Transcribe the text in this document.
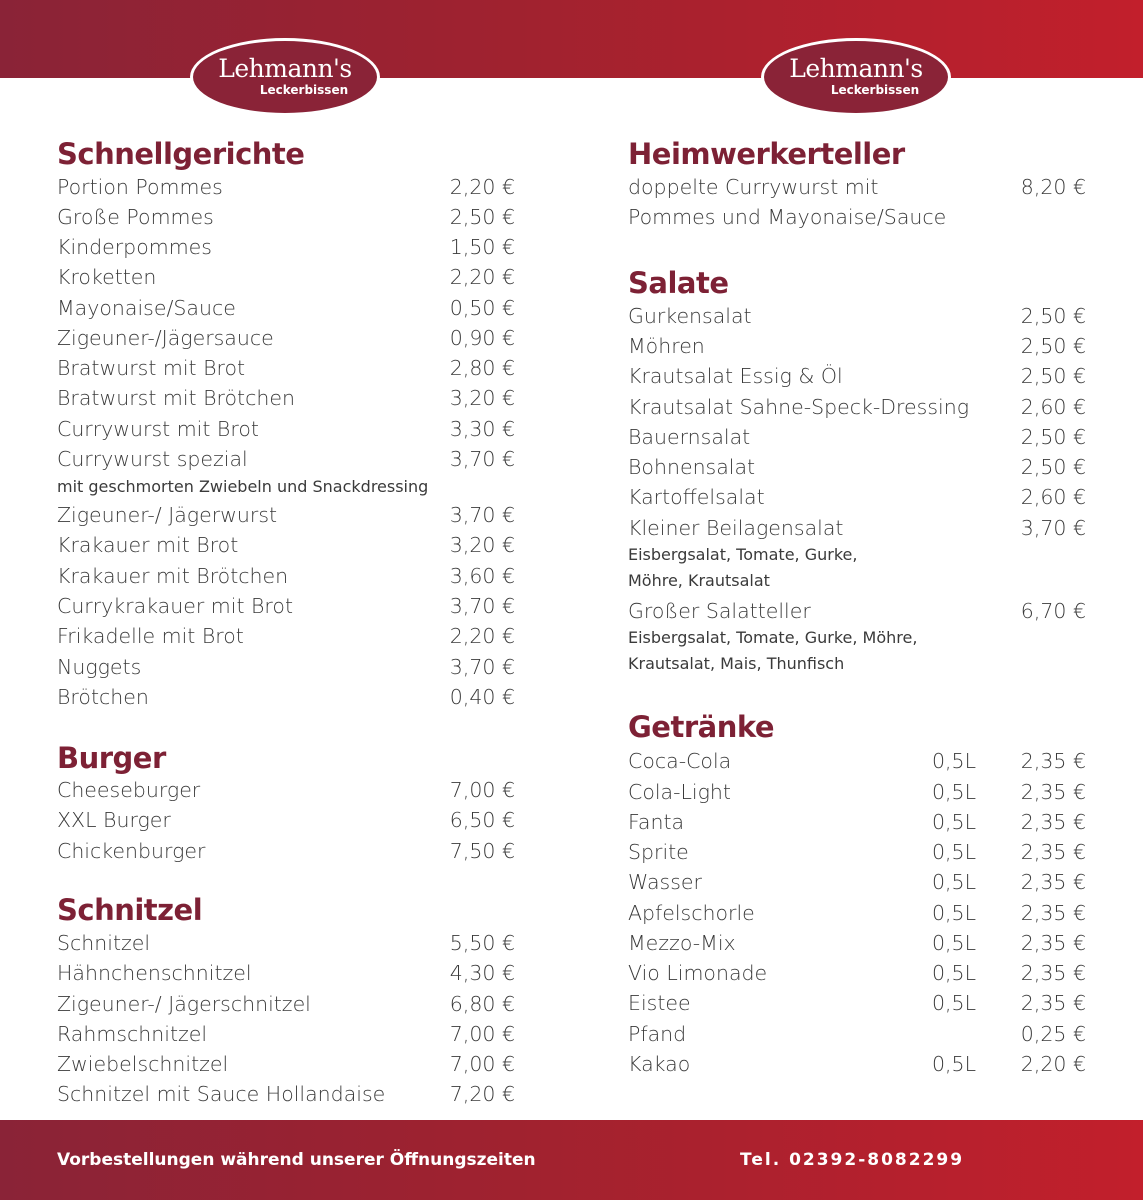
Lehmann's
Leckerbissen
Lehmann's
Leckerbissen
Schnellgerichte
Portion Pommes	2,20 €
Große Pommes	2,50 €
Kinderpommes	1,50 €
Kroketten	2,20 €
Mayonaise/Sauce	0,50 €
Zigeuner-/Jägersauce	0,90 €
Bratwurst mit Brot	2,80 €
Bratwurst mit Brötchen	3,20 €
Currywurst mit Brot	3,30 €
Currywurst spezial	3,70 €
mit geschmorten Zwiebeln und Snackdressing
Zigeuner-/ Jägerwurst	3,70 €
Krakauer mit Brot	3,20 €
Krakauer mit Brötchen	3,60 €
Currykrakauer mit Brot	3,70 €
Frikadelle mit Brot	2,20 €
Nuggets	3,70 €
Brötchen	0,40 €
Burger
Cheeseburger	7,00 €
XXL Burger	6,50 €
Chickenburger	7,50 €
Schnitzel
Schnitzel	5,50 €
Hähnchenschnitzel	4,30 €
Zigeuner-/ Jägerschnitzel	6,80 €
Rahmschnitzel	7,00 €
Zwiebelschnitzel	7,00 €
Schnitzel mit Sauce Hollandaise	7,20 €
Heimwerkerteller
doppelte Currywurst mit	8,20 €
Pommes und Mayonaise/Sauce
Salate
Gurkensalat	2,50 €
Möhren	2,50 €
Krautsalat Essig & Öl	2,50 €
Krautsalat Sahne-Speck-Dressing	2,60 €
Bauernsalat	2,50 €
Bohnensalat	2,50 €
Kartoffelsalat	2,60 €
Kleiner Beilagensalat	3,70 €
Eisbergsalat, Tomate, Gurke,
Möhre, Krautsalat
Großer Salatteller	6,70 €
Eisbergsalat, Tomate, Gurke, Möhre,
Krautsalat, Mais, Thunfisch
Getränke
Coca-Cola	0,5L 2,35 €
Cola-Light	0,5L 2,35 €
Fanta	0,5L 2,35 €
Sprite	0,5L 2,35 €
Wasser	0,5L 2,35 €
Apfelschorle	0,5L 2,35 €
Mezzo-Mix	0,5L 2,35 €
Vio Limonade	0,5L 2,35 €
Eistee	0,5L 2,35 €
Pfand	0,25 €
Kakao	0,5L 2,20 €
Vorbestellungen während unserer Öffnungszeiten	Tel. 02392-8082299
